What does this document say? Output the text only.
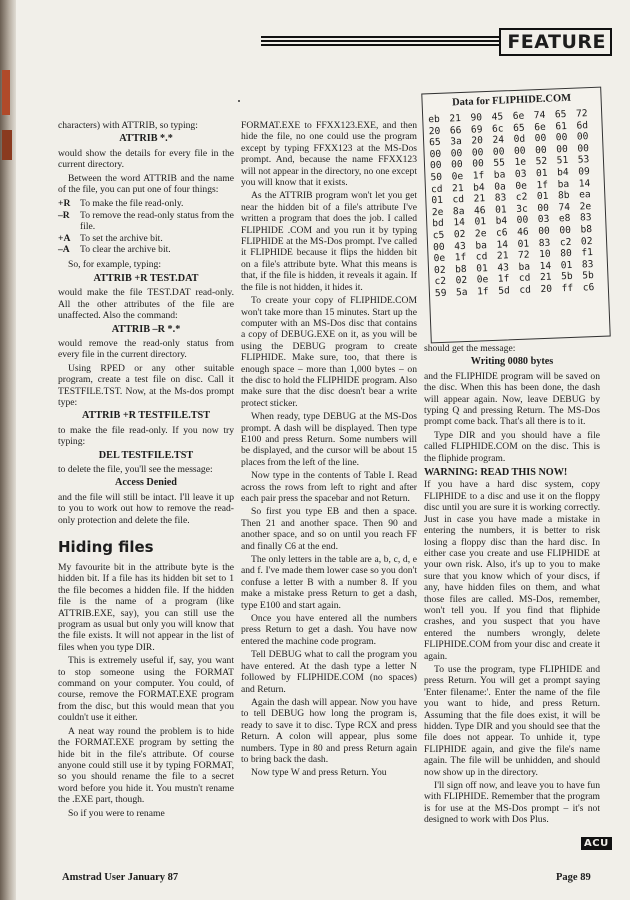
FEATURE
Data for FLIPHIDE.COM
eb 21 90 45 6e 74 65 72
20 66 69 6c 65 6e 61 6d
65 3a 20 24 0d 00 00 00
00 00 00 00 00 00 00 00
00 00 00 55 1e 52 51 53
50 0e 1f ba 03 01 b4 09
cd 21 b4 0a 0e 1f ba 14
01 cd 21 83 c2 01 8b ea
2e 8a 46 01 3c 00 74 2e
bd 14 01 b4 00 03 e8 83
c5 02 2e c6 46 00 00 b8
00 43 ba 14 01 83 c2 02
0e 1f cd 21 72 10 80 f1
02 b8 01 43 ba 14 01 83
c2 02 0e 1f cd 21 5b 5b
59 5a 1f 5d cd 20 ff c6

characters) with ATTRIB, so typing:

ATTRIB *.*

would show the details for every file in the current directory.

Between the word ATTRIB and the name of the file, you can put one of four things:

+R To make the file read-only.
–R	To remove the read-only status from the file.
+A To set the archive bit.
–A	To clear the archive bit.

So, for example, typing:

ATTRIB +R TEST.DAT

would make the file TEST.DAT read-only. All the other attributes of the file are unaffected. Also the command:

ATTRIB –R *.*

would remove the read-only status from every file in the current directory.

Using RPED or any other suitable program, create a test file on disc. Call it TESTFILE.TST. Now, at the Ms-dos prompt type:

ATTRIB +R TESTFILE.TST

to make the file read-only. If you now try typing:

DEL TESTFILE.TST

to delete the file, you'll see the message:

Access Denied

and the file will still be intact. I'll leave it up to you to work out how to remove the read-only protection and delete the file.

Hiding files

My favourite bit in the attribute byte is the hidden bit. If a file has its hidden bit set to 1 the file becomes a hidden file. If the hidden file is the name of a program (like ATTRIB.EXE, say), you can still use the program as usual but only you will know that the file exists. It will not appear in the list of files when you type DIR.

This is extremely useful if, say, you want to stop someone using the FORMAT command on your computer. You could, of course, remove the FORMAT.EXE program from the disc, but this would mean that you couldn't use it either.

A neat way round the problem is to hide the FORMAT.EXE program by setting the hide bit in the file's attribute. Of course anyone could still use it by typing FORMAT, so you should rename the file to a secret word before you hide it. You mustn't rename the .EXE part, though.

So if you were to rename

FORMAT.EXE to FFXX123.EXE, and then hide the file, no one could use the program except by typing FFXX123 at the MS-Dos prompt. And, because the name FFXX123 will not appear in the directory, no one except you will know that it exists.

As the ATTRIB program won't let you get near the hidden bit of a file's attribute I've written a program that does the job. I called FLIPHIDE .COM and you run it by typing FLIPHIDE at the MS-Dos prompt. I've called it FLIPHIDE because it flips the hidden bit on a file's attribute byte. What this means is that, if the file is hidden, it reveals it again. If the file is not hidden, it hides it.

To create your copy of FLIPHIDE.COM won't take more than 15 minutes. Start up the computer with an MS-Dos disc that contains a copy of DEBUG.EXE on it, as you will be using the DEBUG program to create FLIPHIDE. Make sure, too, that there is enough space – more than 1,000 bytes – on the disc to hold the FLIPHIDE program. Also make sure that the disc doesn't bear a write protect sticker.

When ready, type DEBUG at the MS-Dos prompt. A dash will be displayed. Then type E100 and press Return. Some numbers will be displayed, and the cursor will be about 15 places from the left of the line.

Now type in the contents of Table I. Read across the rows from left to right and after each pair press the spacebar and not Return.

So first you type EB and then a space. Then 21 and another space. Then 90 and another space, and so on until you reach FF and finally C6 at the end.

The only letters in the table are a, b, c, d, e and f. I've made them lower case so you don't confuse a letter B with a number 8. If you make a mistake press Return to get a dash, type E100 and start again.

Once you have entered all the numbers press Return to get a dash. You have now entered the machine code program.

Tell DEBUG what to call the program you have entered. At the dash type a letter N followed by FLIPHIDE.COM (no spaces) and Return.

Again the dash will appear. Now you have to tell DEBUG how long the program is, ready to save it to disc. Type RCX and press Return. A colon will appear, plus some numbers. Type in 80 and press Return again to bring back the dash.

Now type W and press Return. You

should get the message:

Writing 0080 bytes

and the FLIPHIDE program will be saved on the disc. When this has been done, the dash will appear again. Now, leave DEBUG by typing Q and pressing Return. The MS-Dos prompt come back. That's all there is to it.

Type DIR and you should have a file called FLIPHIDE.COM on the disc. This is the fliphide program.

WARNING: READ THIS NOW!

If you have a hard disc system, copy FLIPHIDE to a disc and use it on the floppy disc until you are sure it is working correctly. Just in case you have made a mistake in entering the numbers, it is better to risk losing a floppy disc than the hard disc. In either case you create and use FLIPHIDE at your own risk. Also, it's up to you to make sure that you know which of your discs, if any, have hidden files on them, and what those files are called. MS-Dos, remember, won't tell you. If you find that fliphide crashes, and you suspect that you have entered the numbers wrongly, delete FLIPHIDE.COM from your disc and create it again.

To use the program, type FLIPHIDE and press Return. You will get a prompt saying 'Enter filename:'. Enter the name of the file you want to hide, and press Return. Assuming that the file does exist, it will be hidden. Type DIR and you should see that the file does not appear. To unhide it, type FLIPHIDE again, and give the file's name again. The file will be unhidden, and should now show up in the directory.

I'll sign off now, and leave you to have fun with FLIPHIDE. Remember that the program is for use at the MS-Dos prompt – it's not designed to work with Dos Plus.

ACU
Amstrad User January 87	Page 89
